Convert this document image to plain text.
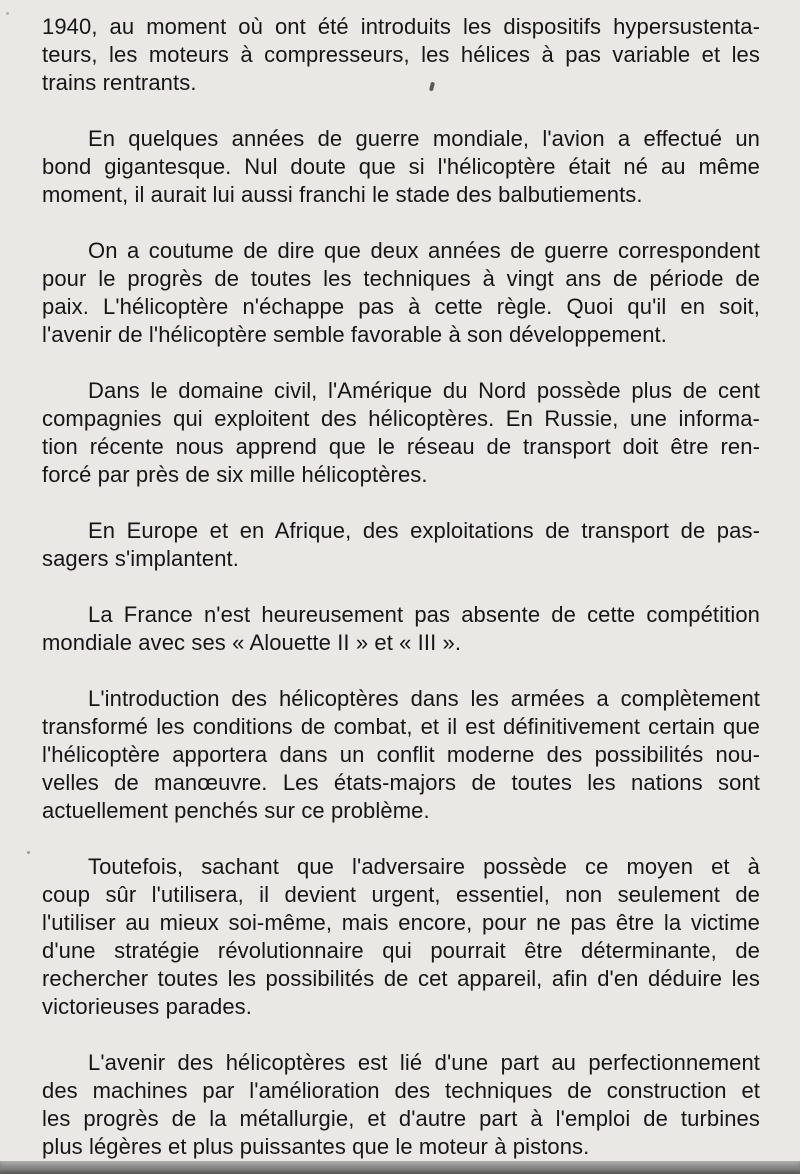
1940, au moment où ont été introduits les dispositifs hypersustenta-
teurs, les moteurs à compresseurs, les hélices à pas variable et les
trains rentrants.
En quelques années de guerre mondiale, l'avion a effectué un
bond gigantesque. Nul doute que si l'hélicoptère était né au même
moment, il aurait lui aussi franchi le stade des balbutiements.
On a coutume de dire que deux années de guerre correspondent
pour le progrès de toutes les techniques à vingt ans de période de
paix. L'hélicoptère n'échappe pas à cette règle. Quoi qu'il en soit,
l'avenir de l'hélicoptère semble favorable à son développement.
Dans le domaine civil, l'Amérique du Nord possède plus de cent
compagnies qui exploitent des hélicoptères. En Russie, une informa-
tion récente nous apprend que le réseau de transport doit être ren-
forcé par près de six mille hélicoptères.
En Europe et en Afrique, des exploitations de transport de pas-
sagers s'implantent.
La France n'est heureusement pas absente de cette compétition
mondiale avec ses « Alouette II » et « III ».
L'introduction des hélicoptères dans les armées a complètement
transformé les conditions de combat, et il est définitivement certain que
l'hélicoptère apportera dans un conflit moderne des possibilités nou-
velles de manœuvre. Les états-majors de toutes les nations sont
actuellement penchés sur ce problème.
Toutefois, sachant que l'adversaire possède ce moyen et à
coup sûr l'utilisera, il devient urgent, essentiel, non seulement de
l'utiliser au mieux soi-même, mais encore, pour ne pas être la victime
d'une stratégie révolutionnaire qui pourrait être déterminante, de
rechercher toutes les possibilités de cet appareil, afin d'en déduire les
victorieuses parades.
L'avenir des hélicoptères est lié d'une part au perfectionnement
des machines par l'amélioration des techniques de construction et
les progrès de la métallurgie, et d'autre part à l'emploi de turbines
plus légères et plus puissantes que le moteur à pistons.
